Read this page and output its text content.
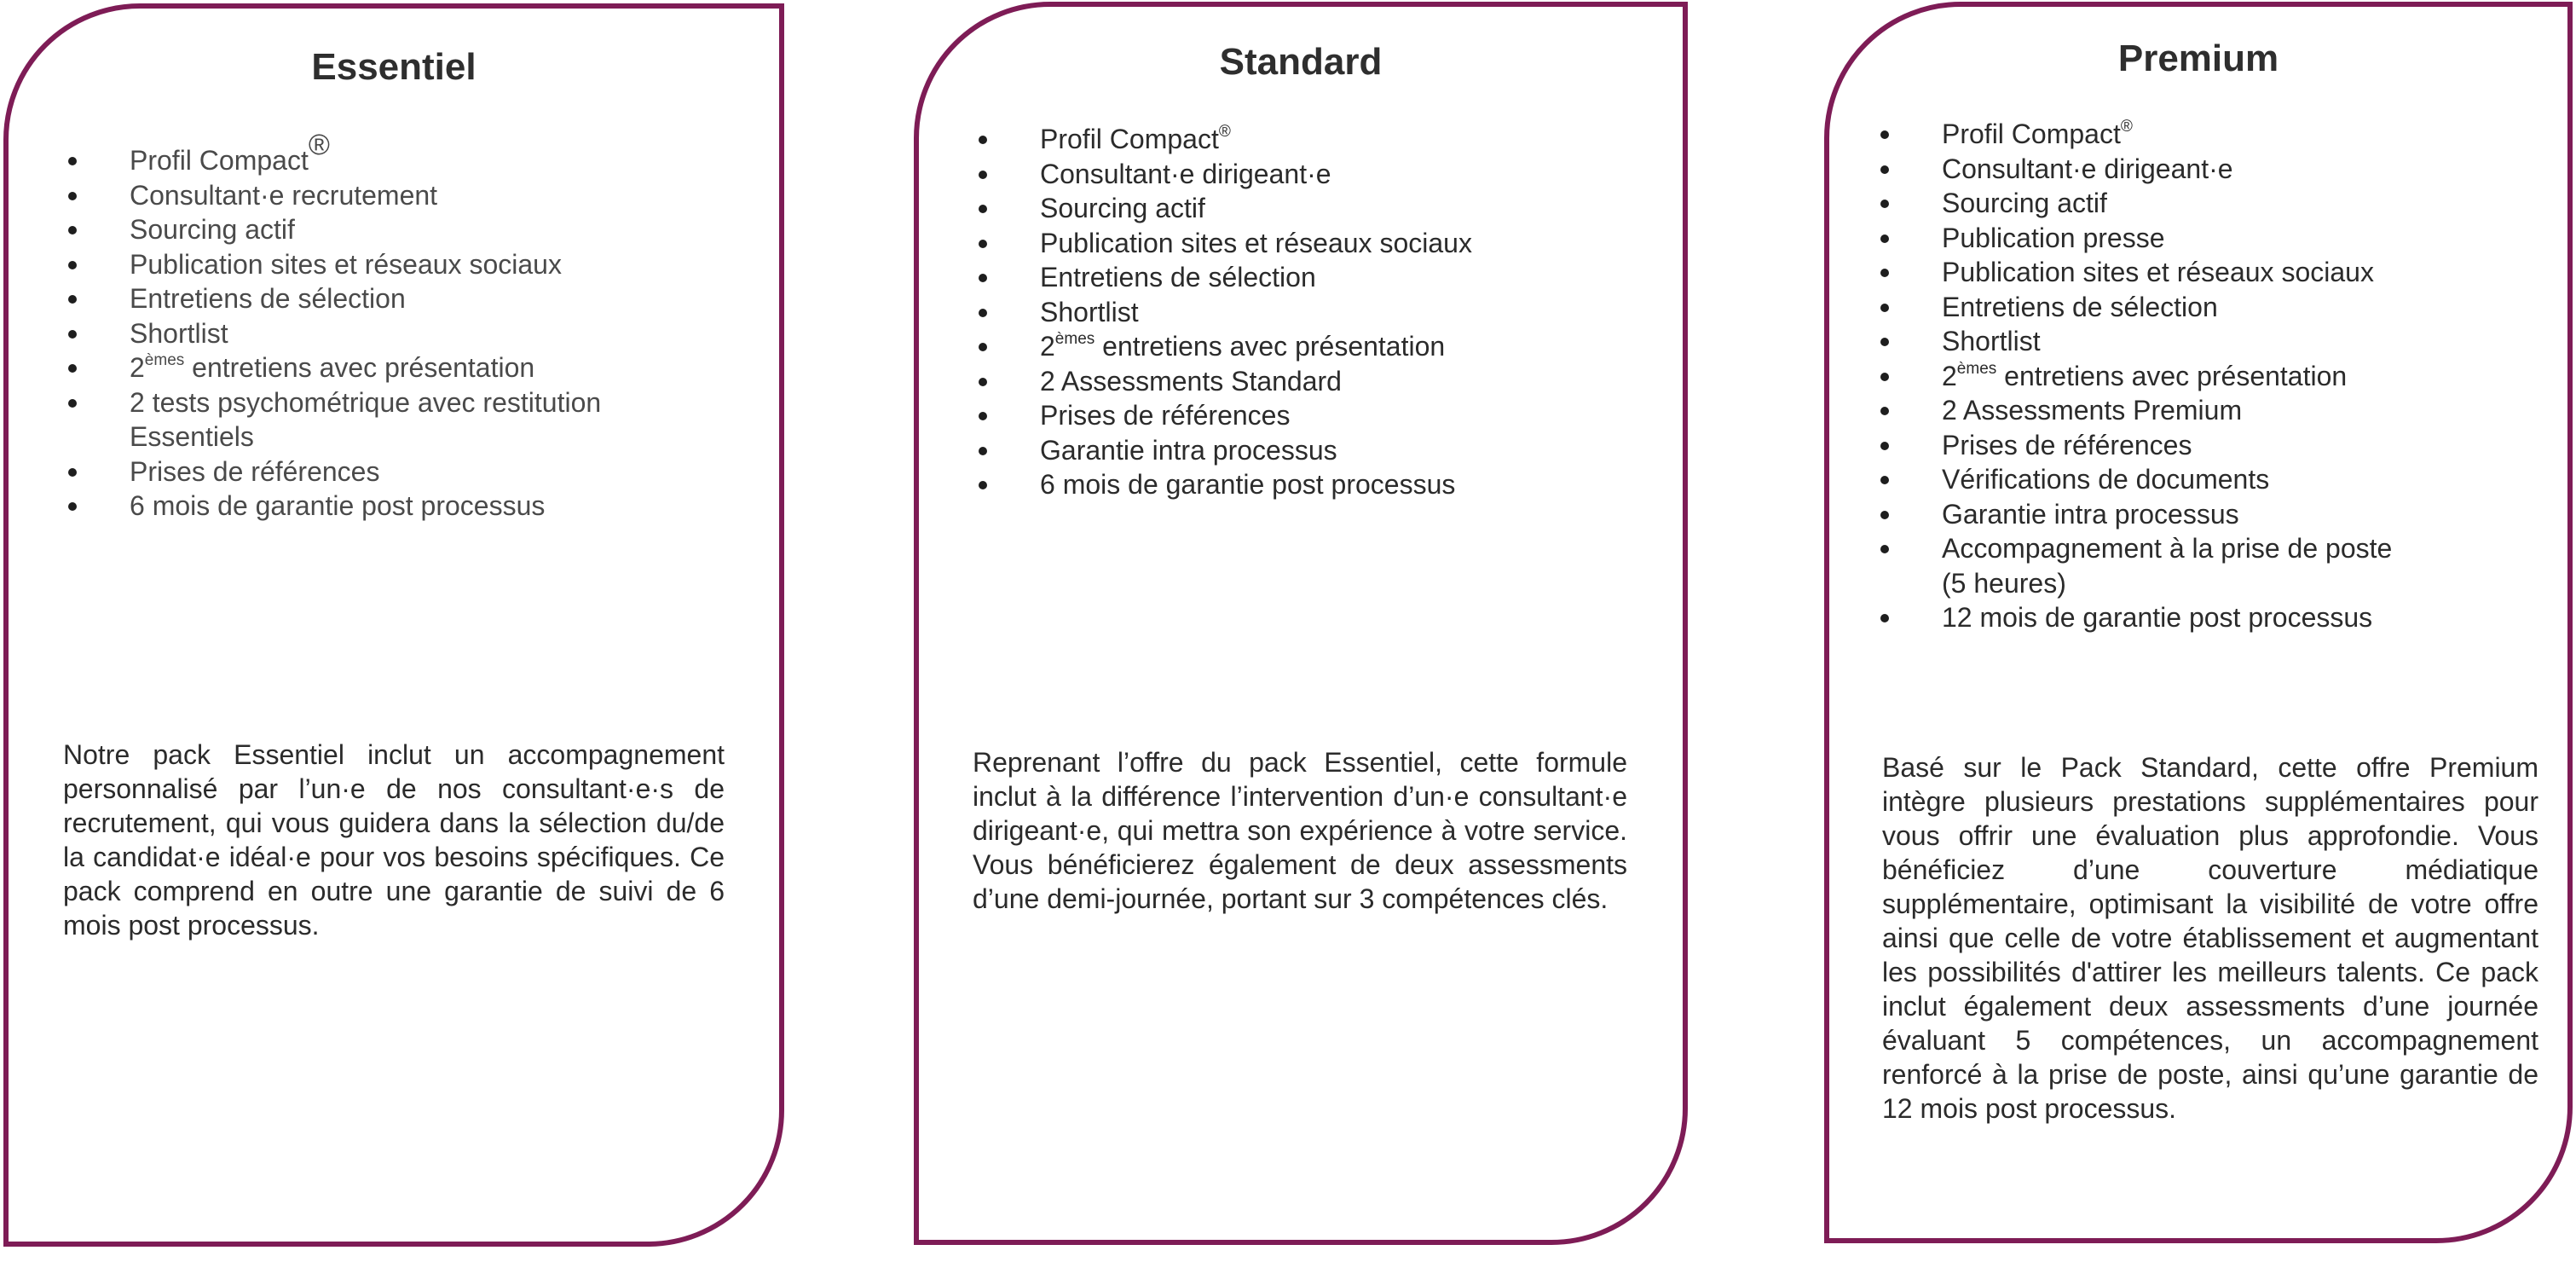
Essentiel
Profil Compact®
Consultant·e recrutement
Sourcing actif
Publication sites et réseaux sociaux
Entretiens de sélection
Shortlist
2èmes entretiens avec présentation
2 tests psychométrique avec restitution Essentiels
Prises de références
6 mois de garantie post processus

Notre pack Essentiel inclut un accompagnement personnalisé par l’un·e de nos consultant·e·s de recrutement, qui vous guidera dans la sélection du/de la candidat·e idéal·e pour vos besoins spécifiques. Ce pack comprend en outre une garantie de suivi de 6 mois post processus.

Standard
Profil Compact®
Consultant·e dirigeant·e
Sourcing actif
Publication sites et réseaux sociaux
Entretiens de sélection
Shortlist
2èmes entretiens avec présentation
2 Assessments Standard
Prises de références
Garantie intra processus
6 mois de garantie post processus

Reprenant l’offre du pack Essentiel, cette formule inclut à la différence l’intervention d’un·e consultant·e dirigeant·e, qui mettra son expérience à votre service. Vous bénéficierez également de deux assessments d’une demi-journée, portant sur 3 compétences clés.

Premium
Profil Compact®
Consultant·e dirigeant·e
Sourcing actif
Publication presse
Publication sites et réseaux sociaux
Entretiens de sélection
Shortlist
2èmes entretiens avec présentation
2 Assessments Premium
Prises de références
Vérifications de documents
Garantie intra processus
Accompagnement à la prise de poste (5 heures)
12 mois de garantie post processus

Basé sur le Pack Standard, cette offre Premium intègre plusieurs prestations supplémentaires pour vous offrir une évaluation plus approfondie. Vous bénéficiez d’une couverture médiatique supplémentaire, optimisant la visibilité de votre offre ainsi que celle de votre établissement et augmentant les possibilités d'attirer les meilleurs talents. Ce pack inclut également deux assessments d’une journée évaluant 5 compétences, un accompagnement renforcé à la prise de poste, ainsi qu’une garantie de 12 mois post processus.
